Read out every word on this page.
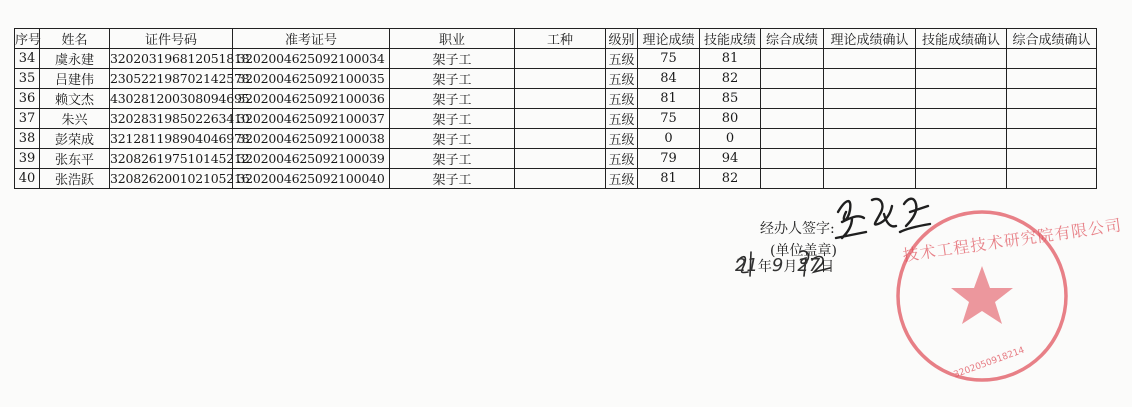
序号	姓名	证件号码	准考证号	职业	工种	级别	理论成绩	技能成绩	综合成绩	理论成绩确认	技能成绩确认	综合成绩确认
34	虞永建	320203196812051818	3202004625092100034	架子工		五级	75	81				
35	吕建伟	230522198702142578	3202004625092100035	架子工		五级	84	82				
36	赖文杰	430281200308094695	3202004625092100036	架子工		五级	81	85				
37	朱兴	320283198502263410	3202004625092100037	架子工		五级	75	80				
38	彭荣成	321281198904046978	3202004625092100038	架子工		五级	0	0				
39	张东平	320826197510145212	3202004625092100039	架子工		五级	79	94				
40	张浩跃	320826200102105216	3202004625092100040	架子工		五级	81	82				
经办人签字:	技术工程技术研究院有限公司
3202050918214
(单位盖章)
21年9月27日
